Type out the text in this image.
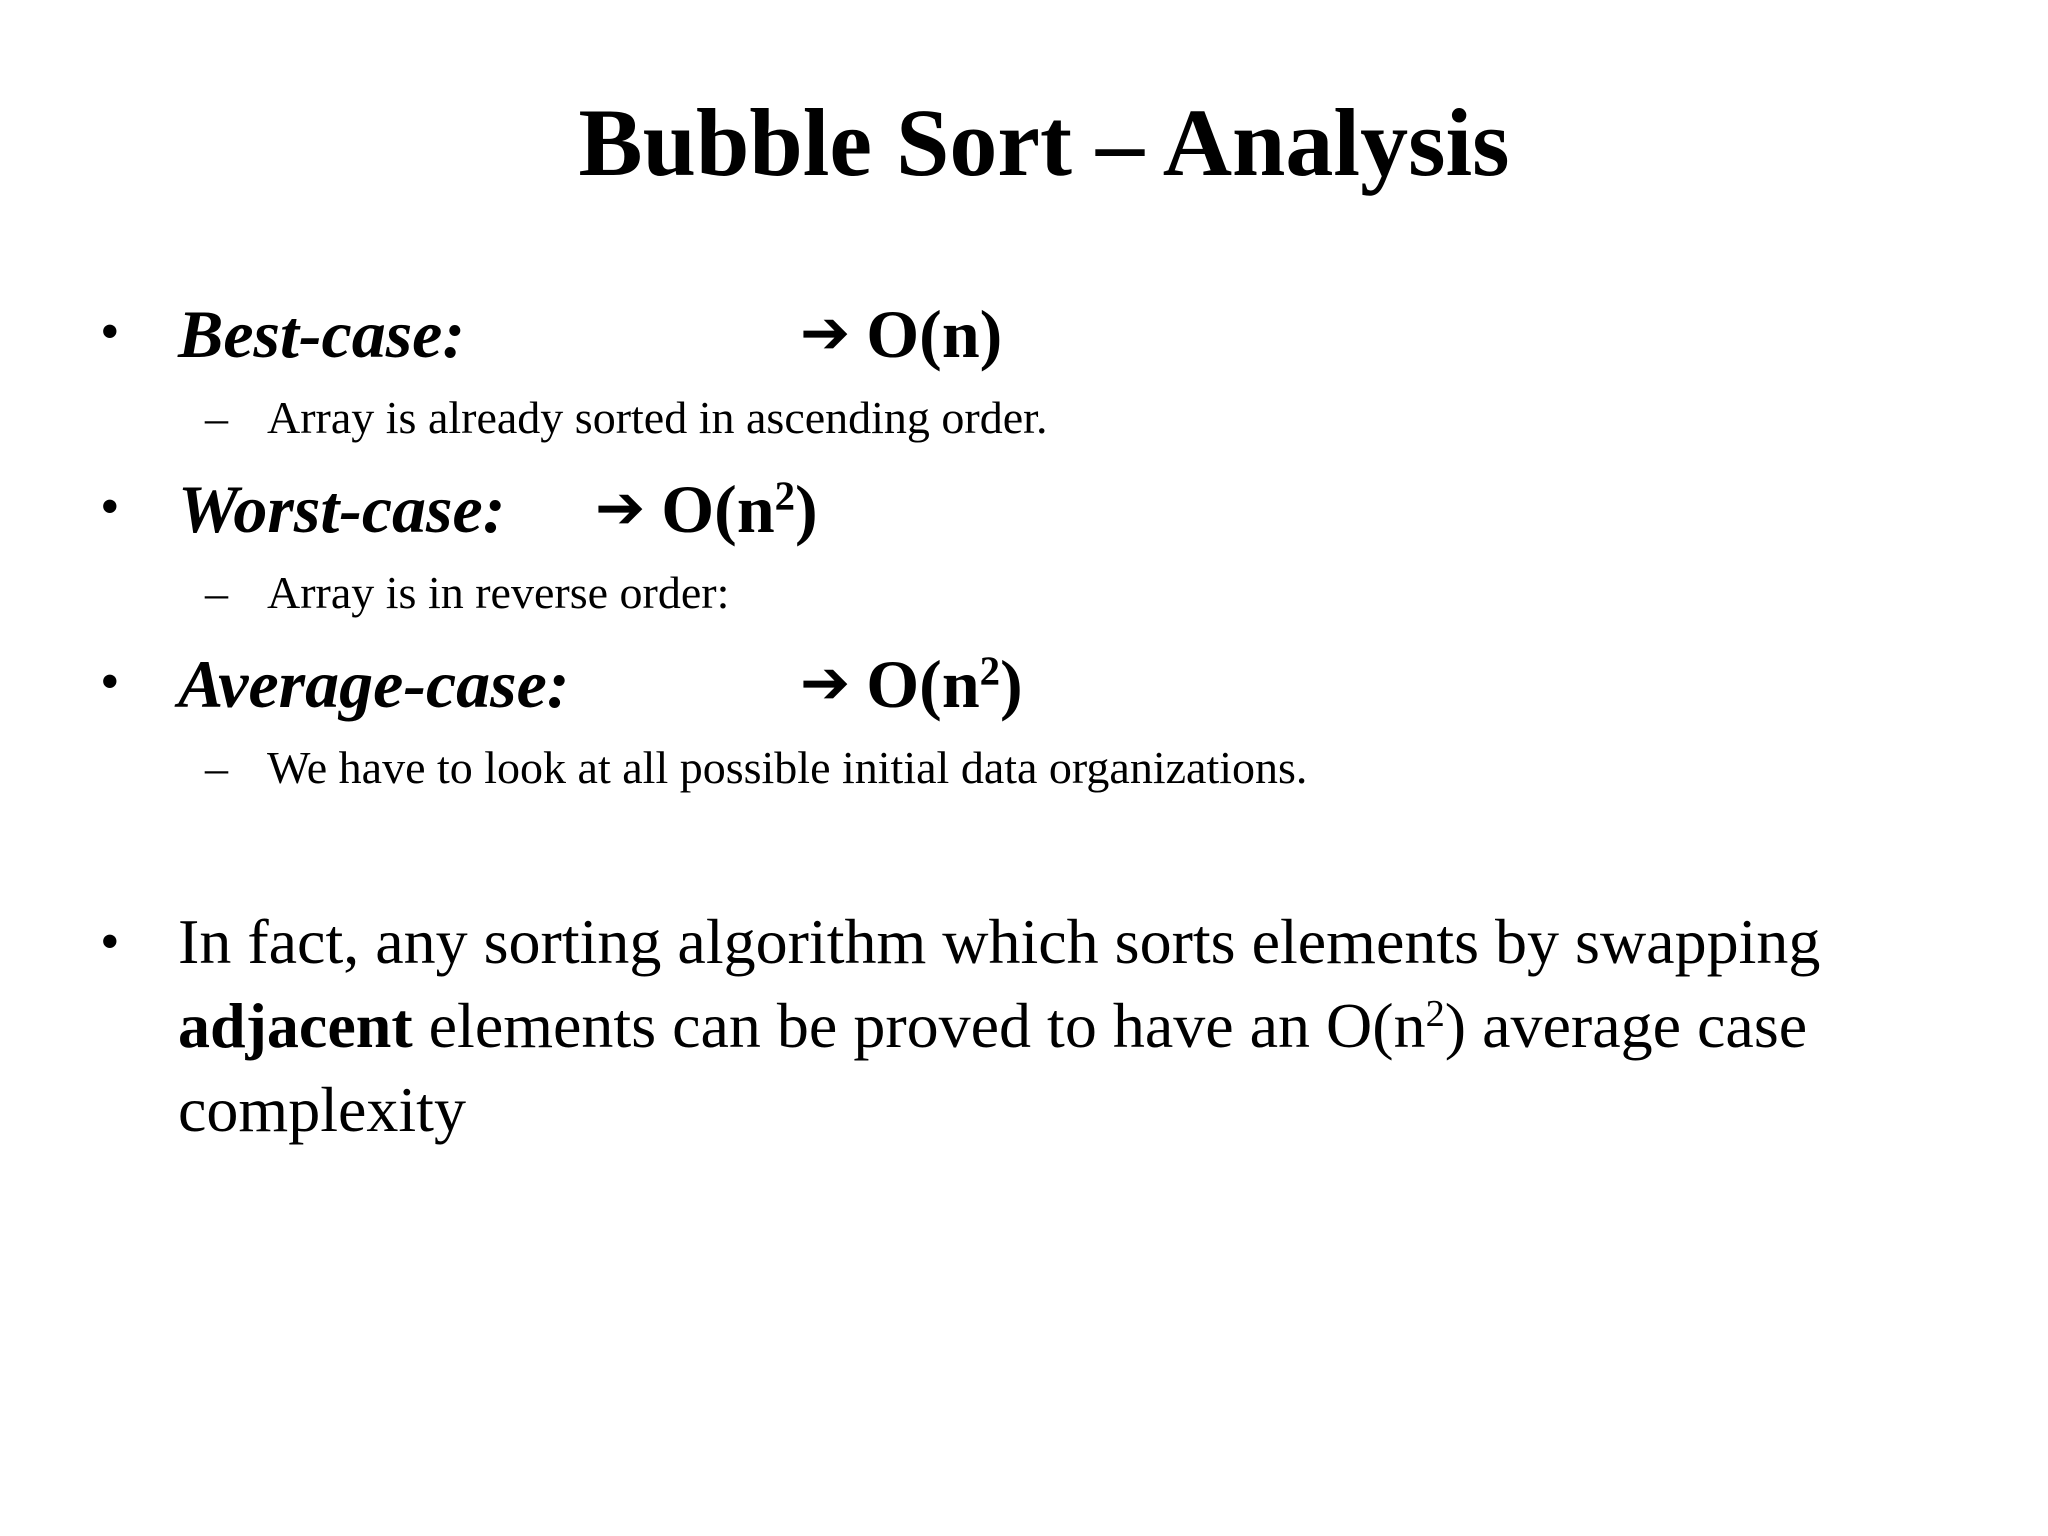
Bubble Sort – Analysis
• Best-case:	➔ O(n)
– Array is already sorted in ascending order.
• Worst-case: ➔ $O(n^2)$
– Array is in reverse order:
• Average-case:	➔ $O(n^2)$
– We have to look at all possible initial data organizations.
• In fact, any sorting algorithm which sorts elements by swapping
adjacent elements can be proved to have an $O(n^2)$ average case
complexity
